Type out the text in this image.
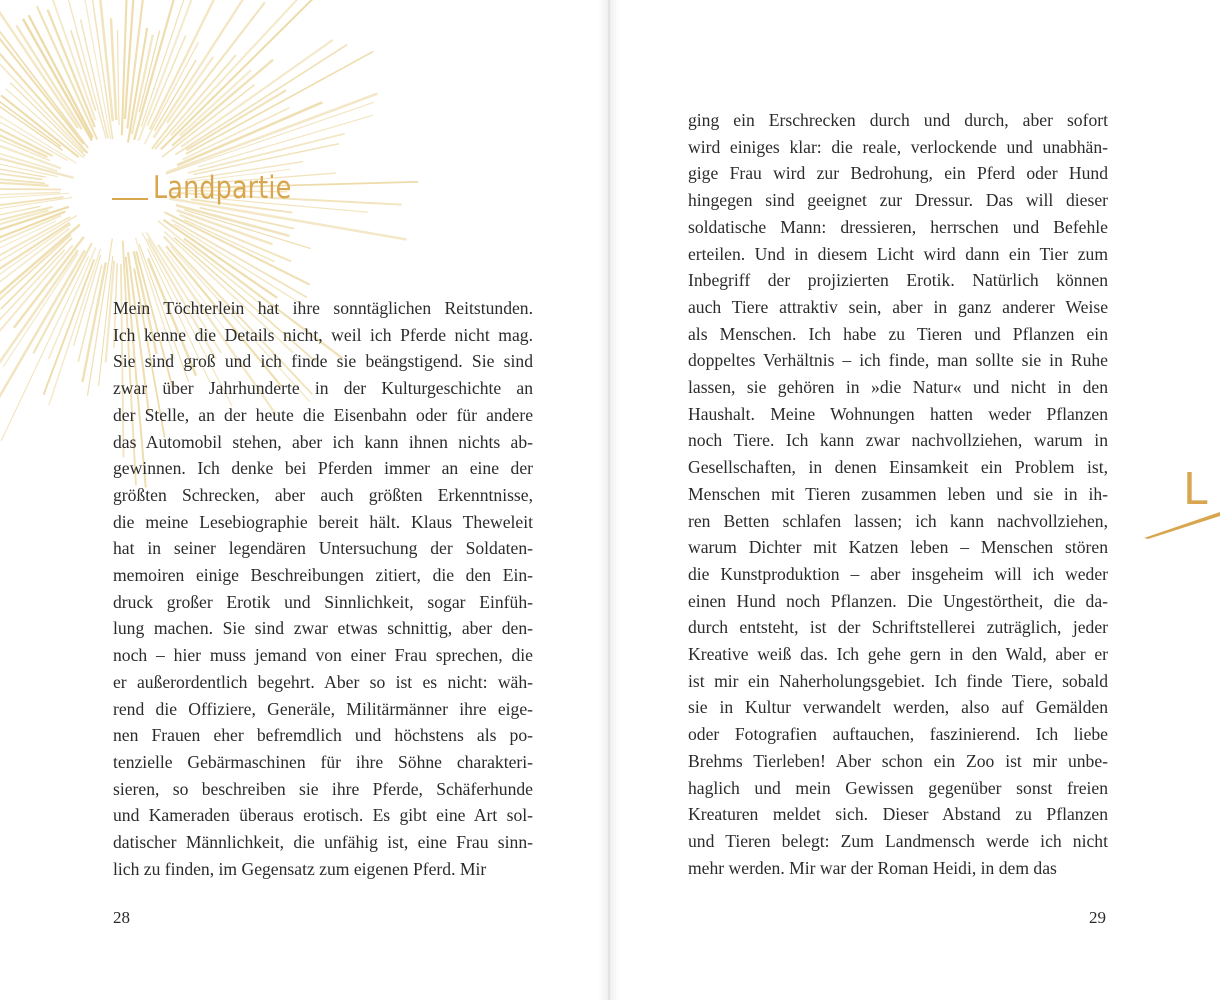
Landpartie
Mein Töchterlein hat ihre sonntäglichen Reitstunden.
Ich kenne die Details nicht, weil ich Pferde nicht mag.
Sie sind groß und ich finde sie beängstigend. Sie sind
zwar über Jahrhunderte in der Kulturgeschichte an
der Stelle, an der heute die Eisenbahn oder für andere
das Automobil stehen, aber ich kann ihnen nichts ab-
gewinnen. Ich denke bei Pferden immer an eine der
größten Schrecken, aber auch größten Erkenntnisse,
die meine Lesebiographie bereit hält. Klaus Theweleit
hat in seiner legendären Untersuchung der Soldaten-
memoiren einige Beschreibungen zitiert, die den Ein-
druck großer Erotik und Sinnlichkeit, sogar Einfüh-
lung machen. Sie sind zwar etwas schnittig, aber den-
noch – hier muss jemand von einer Frau sprechen, die
er außerordentlich begehrt. Aber so ist es nicht: wäh-
rend die Offiziere, Generäle, Militärmänner ihre eige-
nen Frauen eher befremdlich und höchstens als po-
tenzielle Gebärmaschinen für ihre Söhne charakteri-
sieren, so beschreiben sie ihre Pferde, Schäferhunde
und Kameraden überaus erotisch. Es gibt eine Art sol-
datischer Männlichkeit, die unfähig ist, eine Frau sinn-
lich zu finden, im Gegensatz zum eigenen Pferd. Mir
28
ging ein Erschrecken durch und durch, aber sofort
wird einiges klar: die reale, verlockende und unabhän-
gige Frau wird zur Bedrohung, ein Pferd oder Hund
hingegen sind geeignet zur Dressur. Das will dieser
soldatische Mann: dressieren, herrschen und Befehle
erteilen. Und in diesem Licht wird dann ein Tier zum
Inbegriff der projizierten Erotik. Natürlich können
auch Tiere attraktiv sein, aber in ganz anderer Weise
als Menschen. Ich habe zu Tieren und Pflanzen ein
doppeltes Verhältnis – ich finde, man sollte sie in Ruhe
lassen, sie gehören in »die Natur« und nicht in den
Haushalt. Meine Wohnungen hatten weder Pflanzen
noch Tiere. Ich kann zwar nachvollziehen, warum in
Gesellschaften, in denen Einsamkeit ein Problem ist,
Menschen mit Tieren zusammen leben und sie in ih-
ren Betten schlafen lassen; ich kann nachvollziehen,
warum Dichter mit Katzen leben – Menschen stören
die Kunstproduktion – aber insgeheim will ich weder
einen Hund noch Pflanzen. Die Ungestörtheit, die da-
durch entsteht, ist der Schriftstellerei zuträglich, jeder
Kreative weiß das. Ich gehe gern in den Wald, aber er
ist mir ein Naherholungsgebiet. Ich finde Tiere, sobald
sie in Kultur verwandelt werden, also auf Gemälden
oder Fotografien auftauchen, faszinierend. Ich liebe
Brehms Tierleben! Aber schon ein Zoo ist mir unbe-
haglich und mein Gewissen gegenüber sonst freien
Kreaturen meldet sich. Dieser Abstand zu Pflanzen
und Tieren belegt: Zum Landmensch werde ich nicht
mehr werden. Mir war der Roman Heidi, in dem das
29
L
